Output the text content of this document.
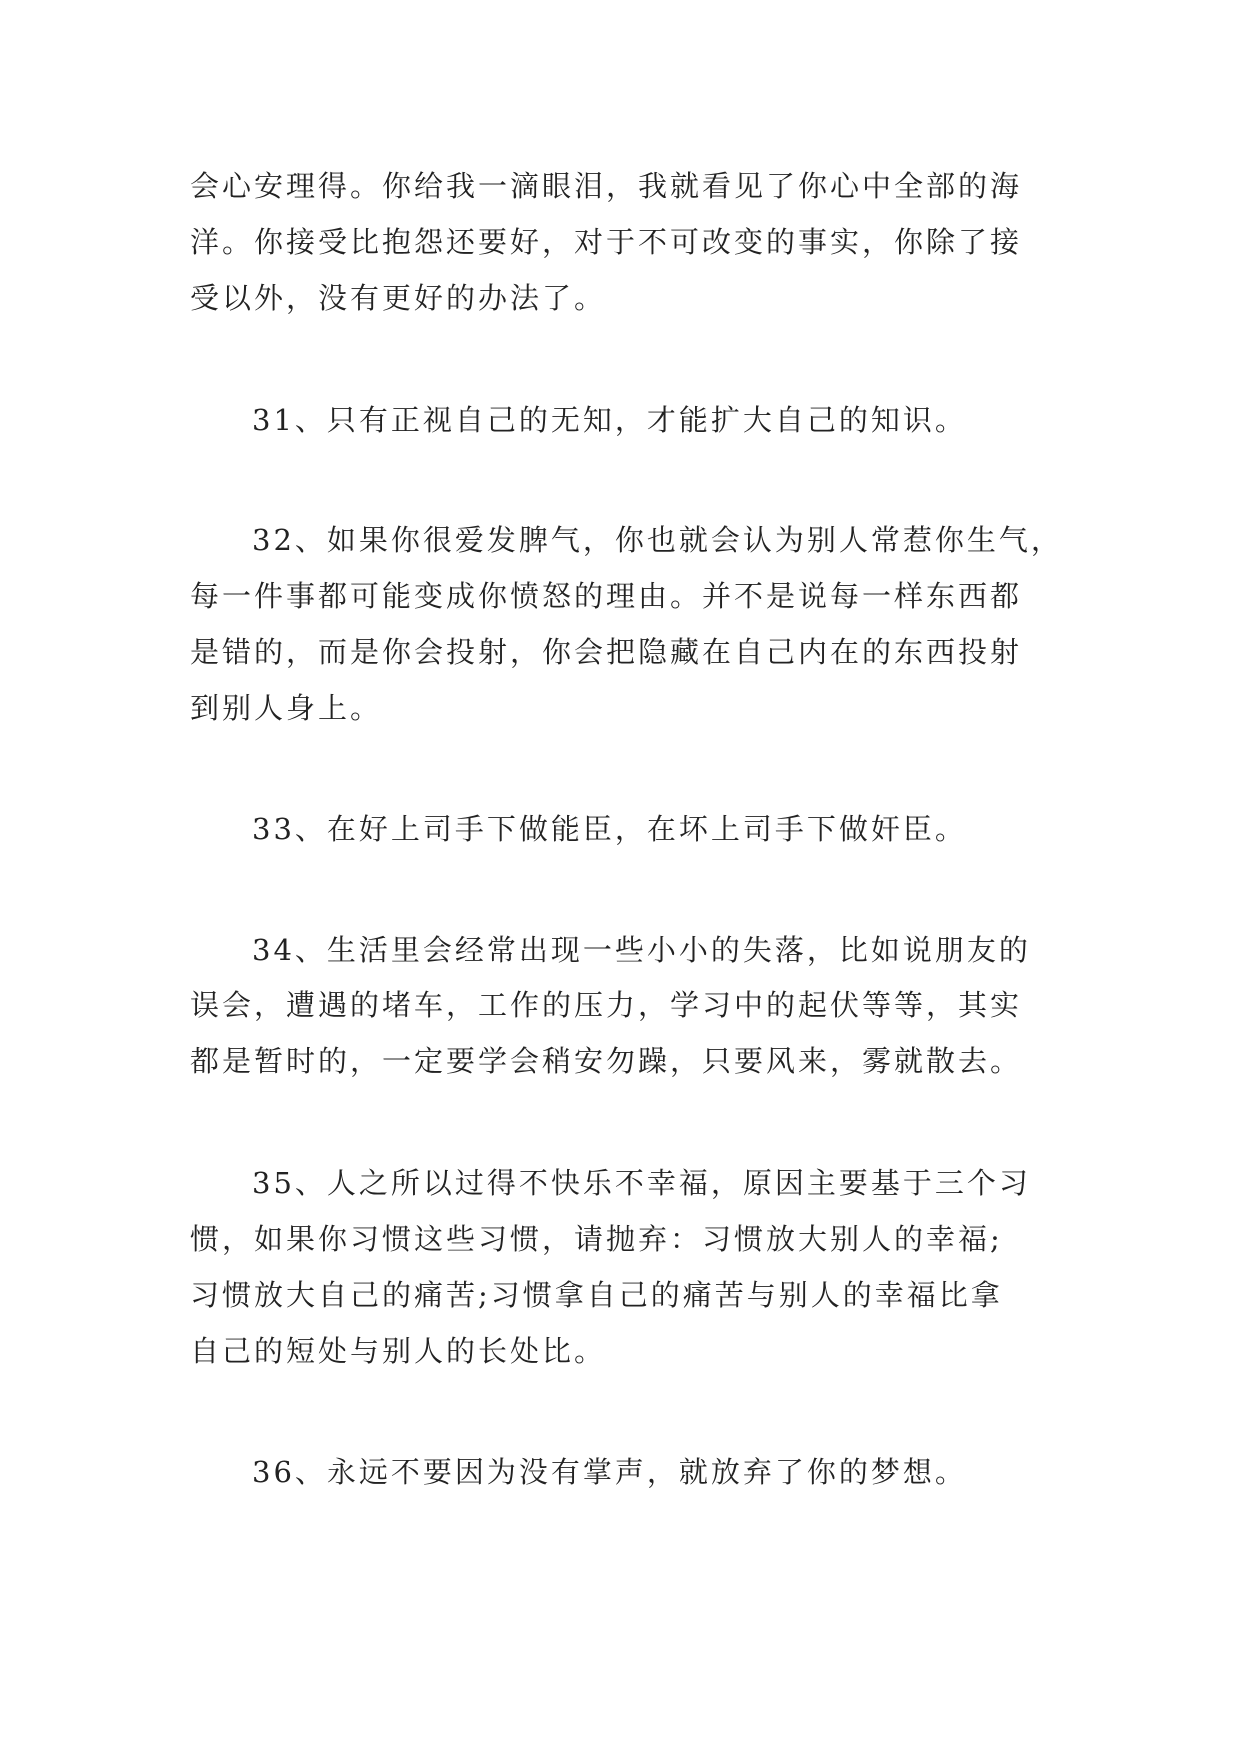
会心安理得。你给我一滴眼泪，我就看见了你心中全部的海

洋。你接受比抱怨还要好，对于不可改变的事实，你除了接

受以外，没有更好的办法了。

31、只有正视自己的无知，才能扩大自己的知识。

32、如果你很爱发脾气，你也就会认为别人常惹你生气，

每一件事都可能变成你愤怒的理由。并不是说每一样东西都

是错的，而是你会投射，你会把隐藏在自己内在的东西投射

到别人身上。

33、在好上司手下做能臣，在坏上司手下做奸臣。

34、生活里会经常出现一些小小的失落，比如说朋友的

误会，遭遇的堵车，工作的压力，学习中的起伏等等，其实

都是暂时的，一定要学会稍安勿躁，只要风来，雾就散去。

35、人之所以过得不快乐不幸福，原因主要基于三个习

惯，如果你习惯这些习惯，请抛弃：习惯放大别人的幸福;

习惯放大自己的痛苦;习惯拿自己的痛苦与别人的幸福比拿

自己的短处与别人的长处比。

36、永远不要因为没有掌声，就放弃了你的梦想。
